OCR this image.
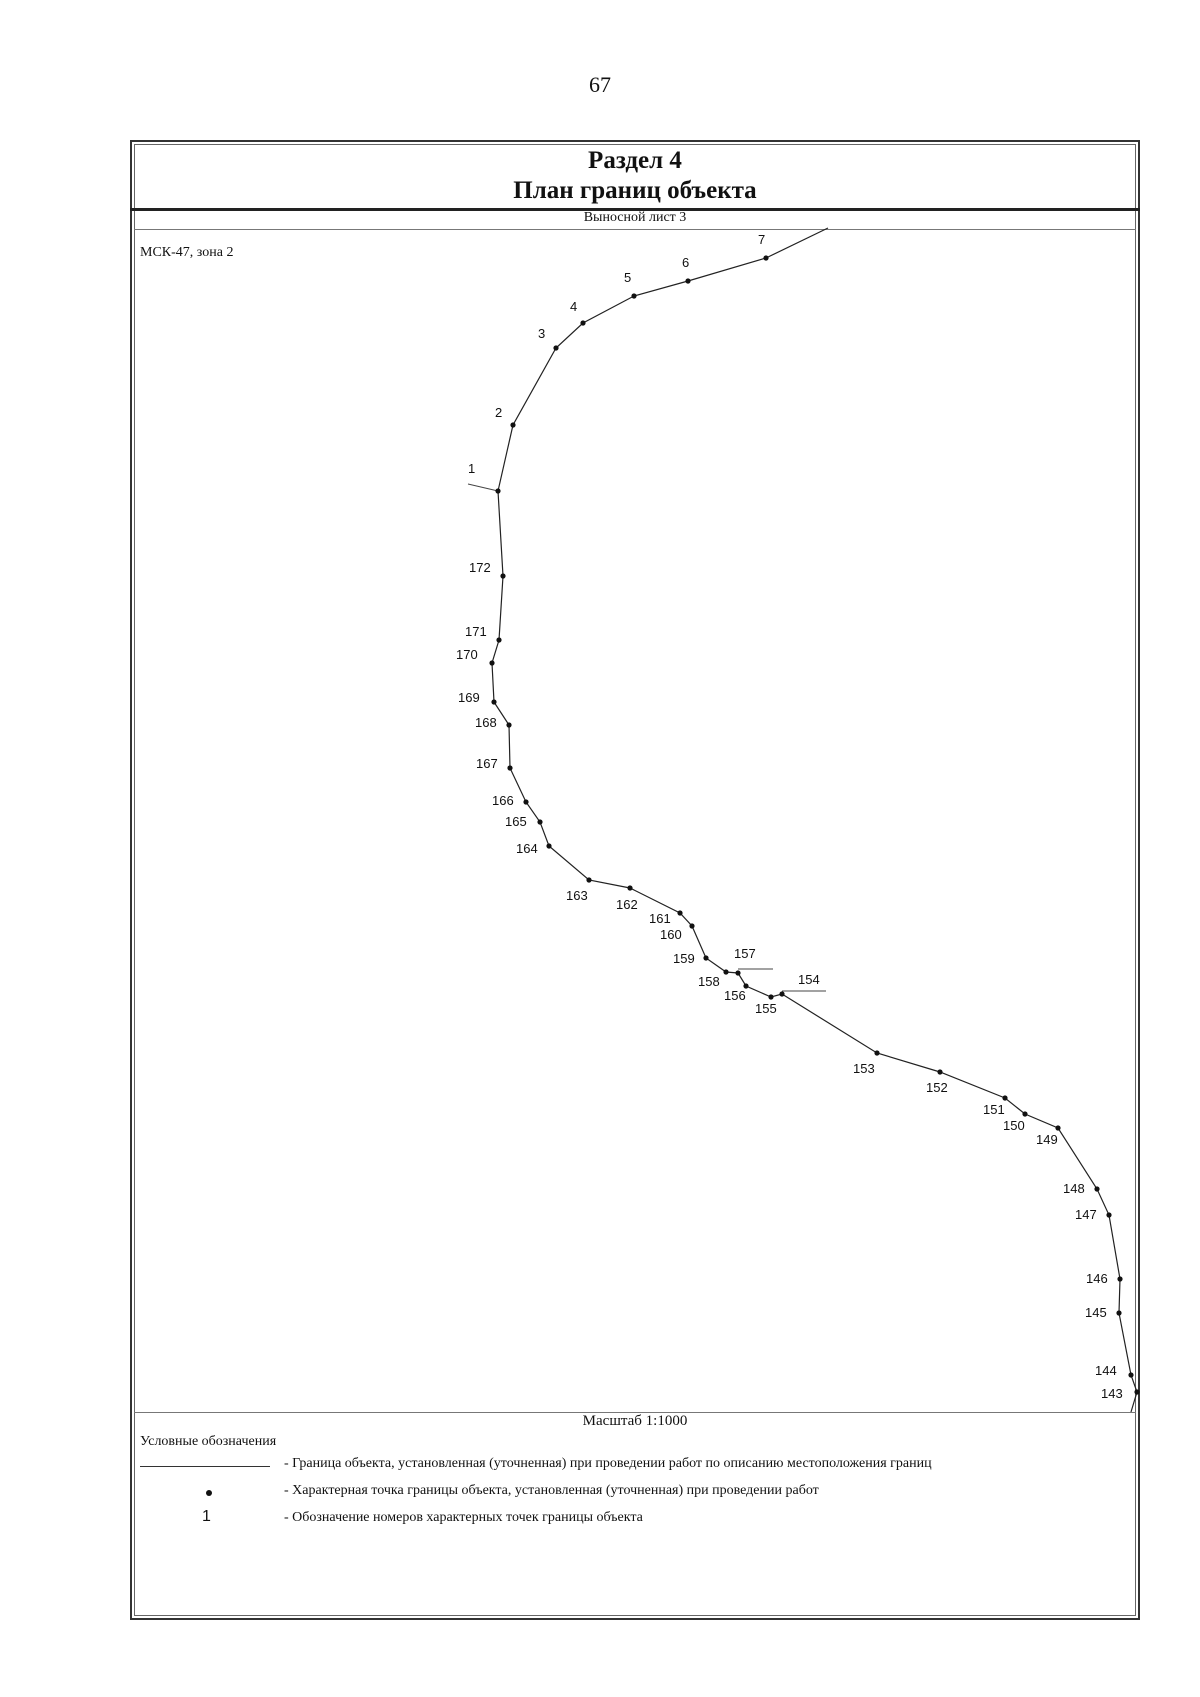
67
Раздел 4
План границ объекта
Выносной лист 3
МСК-47, зона 2
1
2
3
4
5
6
7
172
171
170
169
168
167
166
165
164
163
162
161
160
159
158
157
156
155
154
153
152
151
150
149
148
147
146
145
144
143
Масштаб 1:1000
Условные обозначения
- Граница объекта, установленная (уточненная) при проведении работ по описанию местоположения границ
- Характерная точка границы объекта, установленная (уточненная) при проведении работ
1	- Обозначение номеров характерных точек границы объекта
